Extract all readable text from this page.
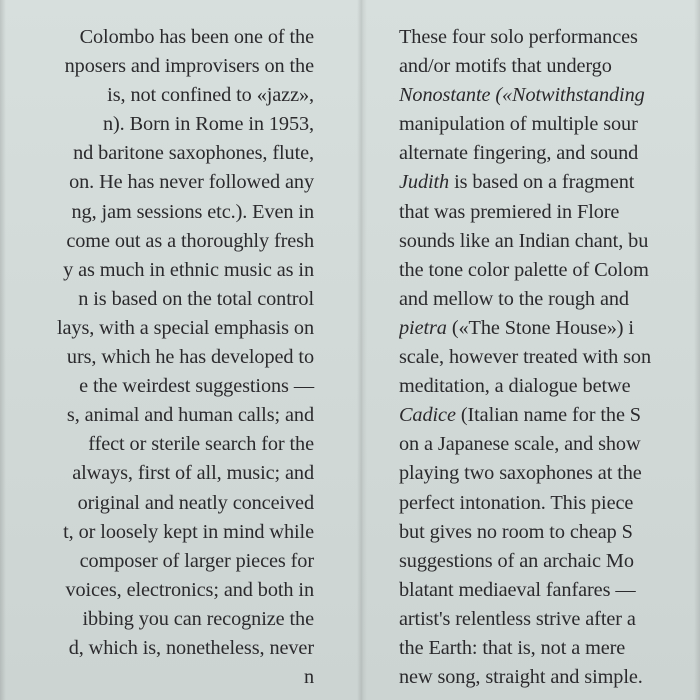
Colombo has been one of the
nposers and improvisers on the
is, not confined to «jazz»,
n). Born in Rome in 1953,
nd baritone saxophones, flute,
on. He has never followed any
ng, jam sessions etc.). Even in
come out as a thoroughly fresh
y as much in ethnic music as in
n is based on the total control
lays, with a special emphasis on
urs, which he has developed to
e the weirdest suggestions —
s, animal and human calls; and
ffect or sterile search for the
always, first of all, music; and
original and neatly conceived
t, or loosely kept in mind while
composer of larger pieces for
voices, electronics; and both in
ibbing you can recognize the
d, which is, nonetheless, never
n
These four solo performances
and/or motifs that undergo
Nonostante («Notwithstanding
manipulation of multiple sour
alternate fingering, and sound
Judith is based on a fragment
that was premiered in Flore
sounds like an Indian chant, bu
the tone color palette of Colom
and mellow to the rough and
pietra («The Stone House») i
scale, however treated with son
meditation, a dialogue betwe
Cadice (Italian name for the S
on a Japanese scale, and show
playing two saxophones at the
perfect intonation. This piece
but gives no room to cheap S
suggestions of an archaic Mo
blatant mediaeval fanfares —
artist's relentless strive after a
the Earth: that is, not a mere
new song, straight and simple.
